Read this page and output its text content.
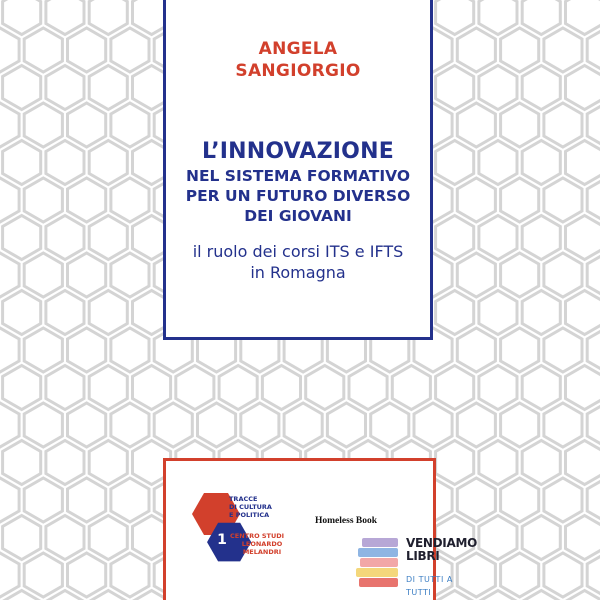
ANGELA
SANGIORGIO
L’INNOVAZIONE
NEL SISTEMA FORMATIVO
PER UN FUTURO DIVERSO
DEI GIOVANI
il ruolo dei corsi ITS e IFTS
in Romagna
TRACCE
DI CULTURA
E POLITICA
1 CENTRO STUDI
LEONARDO
MELANDRI
Homeless Book
VENDIAMO
LIBRI
DI TUTTI A TUTTI
